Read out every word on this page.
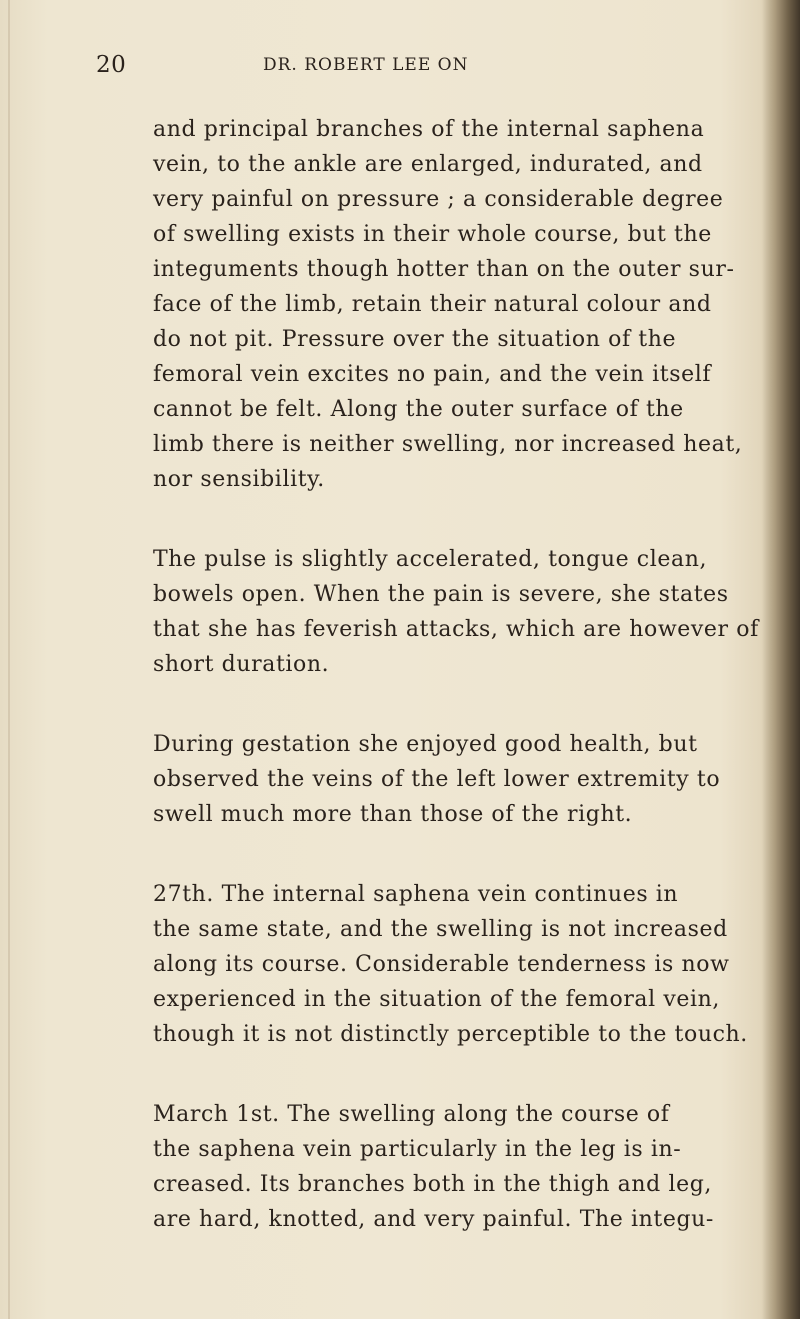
20	DR. ROBERT LEE ON
and principal branches of the internal saphena
vein, to the ankle are enlarged, indurated, and
very painful on pressure ; a considerable degree
of swelling exists in their whole course, but the
integuments though hotter than on the outer sur-
face of the limb, retain their natural colour and
do not pit. Pressure over the situation of the
femoral vein excites no pain, and the vein itself
cannot be felt. Along the outer surface of the
limb there is neither swelling, nor increased heat,
nor sensibility.
The pulse is slightly accelerated, tongue clean,
bowels open. When the pain is severe, she states
that she has feverish attacks, which are however of
short duration.
During gestation she enjoyed good health, but
observed the veins of the left lower extremity to
swell much more than those of the right.
27th. The internal saphena vein continues in
the same state, and the swelling is not increased
along its course. Considerable tenderness is now
experienced in the situation of the femoral vein,
though it is not distinctly perceptible to the touch.
March 1st. The swelling along the course of
the saphena vein particularly in the leg is in-
creased. Its branches both in the thigh and leg,
are hard, knotted, and very painful. The integu-
